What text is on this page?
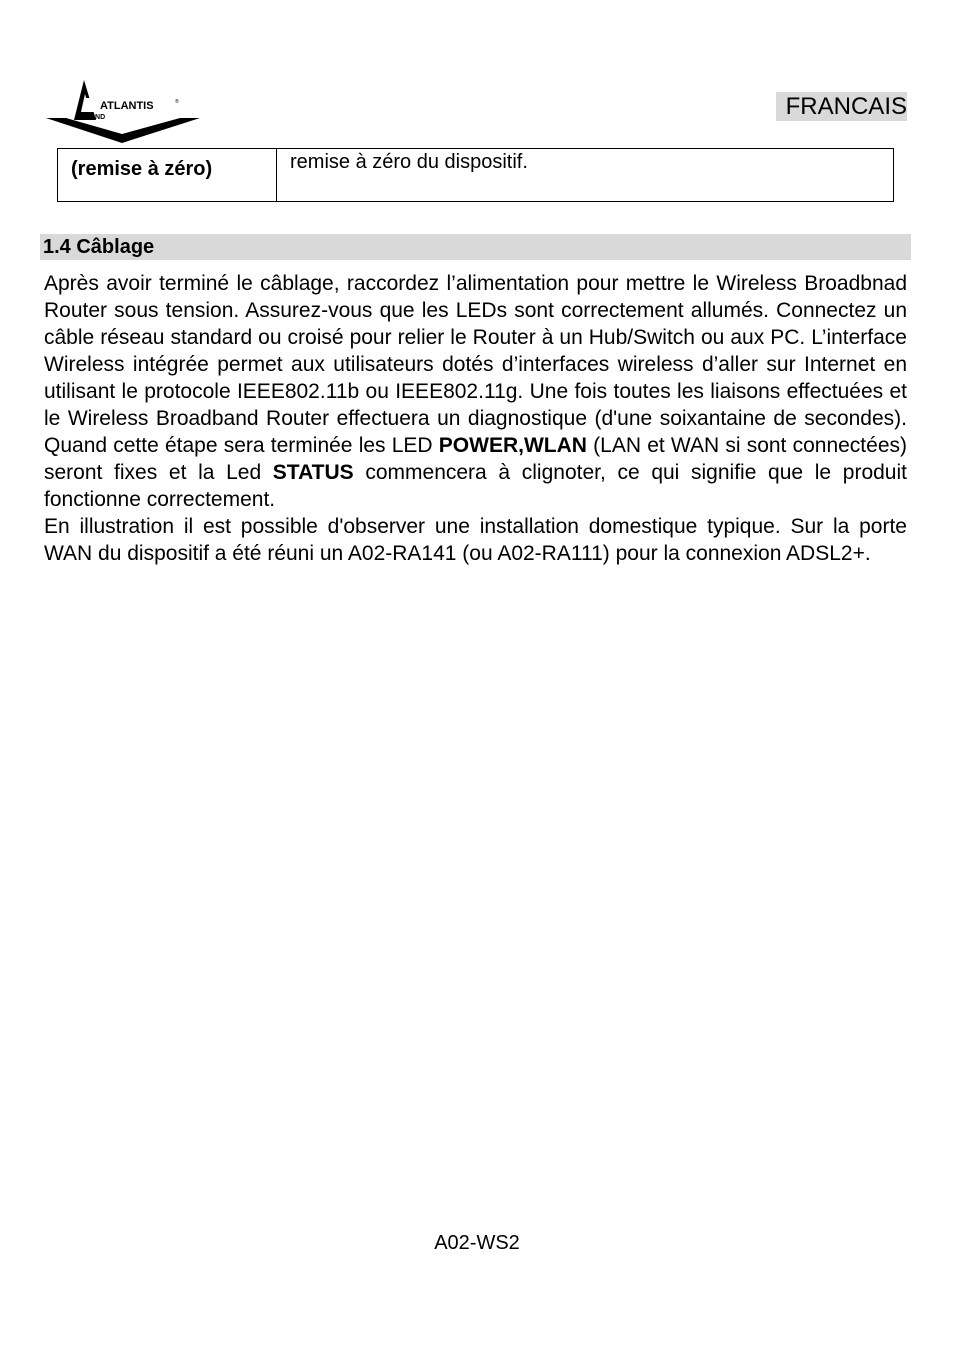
ATLANTIS	®
AND	FRANCAIS
(remise à zéro)	remise à zéro du dispositif.
1.4 Câblage

Après avoir terminé le câblage, raccordez l’alimentation pour mettre le Wireless Broadbnad Router sous tension. Assurez-vous que les LEDs sont correctement allumés. Connectez un câble réseau standard ou croisé pour relier le Router à un Hub/Switch ou aux PC. L’interface Wireless intégrée permet aux utilisateurs dotés d’interfaces wireless d’aller sur Internet en utilisant le protocole IEEE802.11b ou IEEE802.11g. Une fois toutes les liaisons effectuées et le Wireless Broadband Router effectuera un diagnostique (d'une soixantaine de secondes). Quand cette étape sera terminée les LED POWER,WLAN (LAN et WAN si sont connectées) seront fixes et la Led STATUS commencera à clignoter, ce qui signifie que le produit fonctionne correctement.

En illustration il est possible d'observer une installation domestique typique. Sur la porte WAN du dispositif a été réuni un A02-RA141 (ou A02-RA111) pour la connexion ADSL2+.

A02-WS2
